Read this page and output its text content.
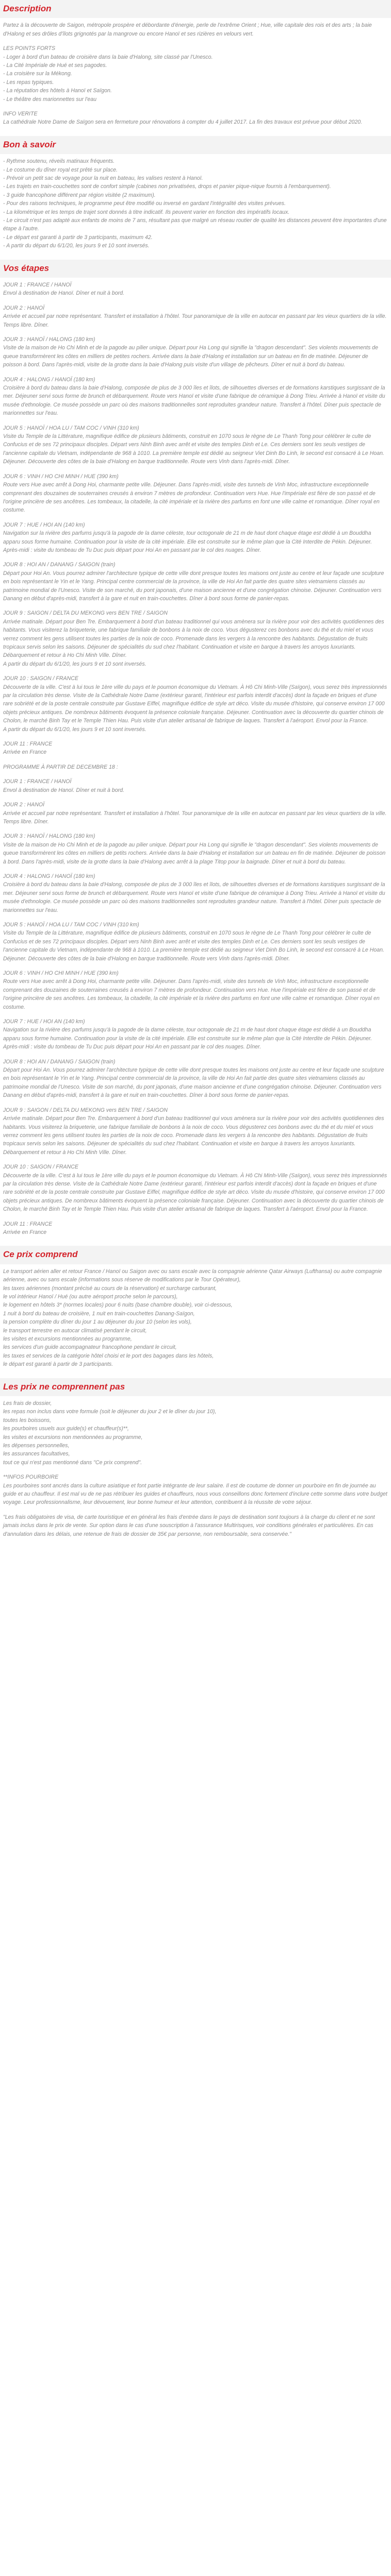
Description

Partez à la découverte de Saigon, métropole prospère et débordante d'énergie, perle de l'extrême Orient ; Hue, ville capitale des rois et des arts ; la baie d'Halong et ses drôles d'îlots grignotés par la mangrove ou encore Hanoï et ses rizières en velours vert.

LES POINTS FORTS
- Loger à bord d'un bateau de croisière dans la baie d'Halong, site classé par l'Unesco.
- La Cité Impériale de Hué et ses pagodes.
- La croisière sur la Mékong.
- Les repas typiques.
- La réputation des hôtels à Hanoï et Saïgon.
- Le théâtre des marionnettes sur l'eau
INFO VERITE
La cathédrale Notre Dame de Saïgon sera en fermeture pour rénovations à compter du 4 juillet 2017. La fin des travaux est prévue pour début 2020.
Bon à savoir
- Rythme soutenu, réveils matinaux fréquents.
- Le costume du dîner royal est prêté sur place.
- Prévoir un petit sac de voyage pour la nuit en bateau, les valises restent à Hanoï.
- Les trajets en train-couchettes sont de confort simple (cabines non privatisées, drops et panier pique-nique fournis à l'embarquement).
- 3 guide francophone différent par région visitée (2 maximum).
- Pour des raisons techniques, le programme peut être modifié ou inversé en gardant l'intégralité des visites prévues.
- La kilométrique et les temps de trajet sont donnés à titre indicatif. Ils peuvent varier en fonction des impératifs locaux.
- Le circuit n'est pas adapté aux enfants de moins de 7 ans, résultant pas que malgré un réseau routier de qualité les distances peuvent être importantes d'une étape à l'autre.
- Le départ est garanti à partir de 3 participants, maximum 42.
- A partir du départ du 6/1/20, les jours 9 et 10 sont inversés.
Vos étapes
JOUR 1 : FRANCE / HANOÏ
Envol à destination de Hanoï. Dîner et nuit à bord.
JOUR 2 : HANOÏ
Arrivée et accueil par notre représentant. Transfert et installation à l'hôtel. Tour panoramique de la ville en autocar en passant par les vieux quartiers de la ville. Temps libre. Dîner.
JOUR 3 : HANOÏ / HALONG (180 km)
Visite de la maison de Ho Chi Minh et de la pagode au pilier unique. Départ pour Ha Long qui signifie la "dragon descendant". Ses violents mouvements de queue transformèrent les côtes en milliers de petites rochers. Arrivée dans la baie d'Halong et installation sur un bateau en fin de matinée. Déjeuner de poisson à bord. Dans l'après-midi, visite de la grotte dans la baie d'Halong puis visite d'un village de pêcheurs. Dîner et nuit à bord du bateau.
JOUR 4 : HALONG / HANOÏ (180 km)
Croisière à bord du bateau dans la baie d'Halong, composée de plus de 3 000 îles et îlots, de silhouettes diverses et de formations karstiques surgissant de la mer. Déjeuner servi sous forme de brunch et débarquement. Route vers Hanoï et visite d'une fabrique de céramique à Dong Trieu. Arrivée à Hanoï et visite du musée d'ethnologie. Ce musée possède un parc où des maisons traditionnelles sont reproduites grandeur nature. Transfert à l'hôtel. Dîner puis spectacle de marionnettes sur l'eau.
JOUR 5 : HANOÏ / HOA LU / TAM COC / VINH (310 km)
Visite du Temple de la Littérature, magnifique édifice de plusieurs bâtiments, construit en 1070 sous le règne de Le Thanh Tong pour célébrer le culte de Confucius et de ses 72 principaux disciples. Départ vers Ninh Binh avec arrêt et visite des temples Dinh et Le. Ces derniers sont les seuls vestiges de l'ancienne capitale du Vietnam, indépendante de 968 à 1010. La première temple est dédié au seigneur Viet Dinh Bo Linh, le second est consacré à Le Hoan. Déjeuner. Découverte des côtes de la baie d'Halong en barque traditionnelle. Route vers Vinh dans l'après-midi. Dîner.
JOUR 6 : VINH / HO CHI MINH / HUE (390 km)
Route vers Hue avec arrêt à Dong Hoi, charmante petite ville. Déjeuner. Dans l'après-midi, visite des tunnels de Vinh Moc, infrastructure exceptionnelle comprenant des douzaines de souterraines creusés à environ 7 mètres de profondeur. Continuation vers Hue. Hue l'impériale est fière de son passé et de l'origine princière de ses ancêtres. Les tombeaux, la citadelle, la cité impériale et la rivière des parfums en font une ville calme et romantique. Dîner royal en costume.
JOUR 7 : HUE / HOI AN (140 km)
Navigation sur la rivière des parfums jusqu'à la pagode de la dame céleste, tour octogonale de 21 m de haut dont chaque étage est dédié à un Bouddha apparu sous forme humaine. Continuation pour la visite de la cité impériale. Elle est construite sur le même plan que la Cité Interdite de Pékin. Déjeuner. Après-midi : visite du tombeau de Tu Duc puis départ pour Hoi An en passant par le col des nuages. Dîner.
JOUR 8 : HOI AN / DANANG / SAIGON (train)
Départ pour Hoi An. Vous pourrez admirer l'architecture typique de cette ville dont presque toutes les maisons ont juste au centre et leur façade une sculpture en bois représentant le Yin et le Yang. Principal centre commercial de la province, la ville de Hoi An fait partie des quatre sites vietnamiens classés au patrimoine mondial de l'Unesco. Visite de son marché, du pont japonais, d'une maison ancienne et d'une congrégation chinoise. Déjeuner. Continuation vers Danang en début d'après-midi, transfert à la gare et nuit en train-couchettes. Dîner à bord sous forme de panier-repas.
JOUR 9 : SAIGON / DELTA DU MEKONG vers BEN TRE / SAIGON
Arrivée matinale. Départ pour Ben Tre. Embarquement à bord d'un bateau traditionnel qui vous amènera sur la rivière pour voir des activités quotidiennes des habitants. Vous visiterez la briqueterie, une fabrique familiale de bonbons à la noix de coco. Vous dégusterez ces bonbons avec du thé et du miel et vous verrez comment les gens utilisent toutes les parties de la noix de coco. Promenade dans les vergers à la rencontre des habitants. Dégustation de fruits tropicaux servis selon les saisons. Déjeuner de spécialités du sud chez l'habitant. Continuation et visite en barque à travers les arroyos luxuriants. Débarquement et retour à Ho Chi Minh Ville. Dîner.
A partir du départ du 6/1/20, les jours 9 et 10 sont inversés.
JOUR 10 : SAIGON / FRANCE
Découverte de la ville. C'est à lui tous le 1ère ville du pays et le poumon économique du Vietnam. À Hô Chi Minh-Ville (Saïgon), vous serez très impressionnés par la circulation très dense. Visite de la Cathédrale Notre Dame (extérieur garanti, l'intérieur est parfois interdit d'accès) dont la façade en briques et d'une rare sobriété et de la poste centrale construite par Gustave Eiffel, magnifique édifice de style art déco. Visite du musée d'histoire, qui conserve environ 17 000 objets précieux antiques. De nombreux bâtiments évoquent la présence coloniale française. Déjeuner. Continuation avec la découverte du quartier chinois de Cholon, le marché Binh Tay et le Temple Thien Hau. Puis visite d'un atelier artisanal de fabrique de laques. Transfert à l'aéroport. Envol pour la France.
A partir du départ du 6/1/20, les jours 9 et 10 sont inversés.
JOUR 11 : FRANCE
Arrivée en France
PROGRAMME À PARTIR DE DECEMBRE 18 :
JOUR 1 : FRANCE / HANOÏ
Envol à destination de Hanoï. Dîner et nuit à bord.
JOUR 2 : HANOÏ
Arrivée et accueil par notre représentant. Transfert et installation à l'hôtel. Tour panoramique de la ville en autocar en passant par les vieux quartiers de la ville. Temps libre. Dîner.
JOUR 3 : HANOÏ / HALONG (180 km)
Visite de la maison de Ho Chi Minh et de la pagode au pilier unique. Départ pour Ha Long qui signifie le "dragon descendant". Ses violents mouvements de queue transformèrent les côtes en milliers de petits rochers. Arrivée dans la baie d'Halong et installation sur un bateau en fin de matinée. Déjeuner de poisson à bord. Dans l'après-midi, visite de la grotte dans la baie d'Halong avec arrêt à la plage Titop pour la baignade. Dîner et nuit à bord du bateau.
JOUR 4 : HALONG / HANOÏ (180 km)
Croisière à bord du bateau dans la baie d'Halong, composée de plus de 3 000 îles et îlots, de silhouettes diverses et de formations karstiques surgissant de la mer. Déjeuner servi sous forme de brunch et débarquement. Route vers Hanoï et visite d'une fabrique de céramique à Dong Trieu. Arrivée à Hanoï et visite du musée d'ethnologie. Ce musée possède un parc où des maisons traditionnelles sont reproduites grandeur nature. Transfert à l'hôtel. Dîner puis spectacle de marionnettes sur l'eau.
JOUR 5 : HANOÏ / HOA LU / TAM COC / VINH (310 km)
Visite du Temple de la Littérature, magnifique édifice de plusieurs bâtiments, construit en 1070 sous le règne de Le Thanh Tong pour célébrer le culte de Confucius et de ses 72 principaux disciples. Départ vers Ninh Binh avec arrêt et visite des temples Dinh et Le. Ces derniers sont les seuls vestiges de l'ancienne capitale du Vietnam, indépendante de 968 à 1010. La première temple est dédié au seigneur Viet Dinh Bo Linh, le second est consacré à Le Hoan. Déjeuner. Découverte des côtes de la baie d'Halong en barque traditionnelle. Route vers Vinh dans l'après-midi. Dîner.
JOUR 6 : VINH / HO CHI MINH / HUE (390 km)
Route vers Hue avec arrêt à Dong Hoi, charmante petite ville. Déjeuner. Dans l'après-midi, visite des tunnels de Vinh Moc, infrastructure exceptionnelle comprenant des douzaines de souterraines creusés à environ 7 mètres de profondeur. Continuation vers Hue. Hue l'impériale est fière de son passé et de l'origine princière de ses ancêtres. Les tombeaux, la citadelle, la cité impériale et la rivière des parfums en font une ville calme et romantique. Dîner royal en costume.
JOUR 7 : HUE / HOI AN (140 km)
Navigation sur la rivière des parfums jusqu'à la pagode de la dame céleste, tour octogonale de 21 m de haut dont chaque étage est dédié à un Bouddha apparu sous forme humaine. Continuation pour la visite de la cité impériale. Elle est construite sur le même plan que la Cité Interdite de Pékin. Déjeuner. Après-midi : visite du tombeau de Tu Duc puis départ pour Hoi An en passant par le col des nuages. Dîner.
JOUR 8 : HOI AN / DANANG / SAIGON (train)
Départ pour Hoi An. Vous pourrez admirer l'architecture typique de cette ville dont presque toutes les maisons ont juste au centre et leur façade une sculpture en bois représentant le Yin et le Yang. Principal centre commercial de la province, la ville de Hoi An fait partie des quatre sites vietnamiens classés au patrimoine mondial de l'Unesco. Visite de son marché, du pont japonais, d'une maison ancienne et d'une congrégation chinoise. Déjeuner. Continuation vers Danang en début d'après-midi, transfert à la gare et nuit en train-couchettes. Dîner à bord sous forme de panier-repas.
JOUR 9 : SAIGON / DELTA DU MEKONG vers BEN TRE / SAIGON
Arrivée matinale. Départ pour Ben Tre. Embarquement à bord d'un bateau traditionnel qui vous amènera sur la rivière pour voir des activités quotidiennes des habitants. Vous visiterez la briqueterie, une fabrique familiale de bonbons à la noix de coco. Vous dégusterez ces bonbons avec du thé et du miel et vous verrez comment les gens utilisent toutes les parties de la noix de coco. Promenade dans les vergers à la rencontre des habitants. Dégustation de fruits tropicaux servis selon les saisons. Déjeuner de spécialités du sud chez l'habitant. Continuation et visite en barque à travers les arroyos luxuriants. Débarquement et retour à Ho Chi Minh Ville. Dîner.
JOUR 10 : SAIGON / FRANCE
Découverte de la ville. C'est à lui tous le 1ère ville du pays et le poumon économique du Vietnam. À Hô Chi Minh-Ville (Saïgon), vous serez très impressionnés par la circulation très dense. Visite de la Cathédrale Notre Dame (extérieur garanti, l'intérieur est parfois interdit d'accès) dont la façade en briques et d'une rare sobriété et de la poste centrale construite par Gustave Eiffel, magnifique édifice de style art déco. Visite du musée d'histoire, qui conserve environ 17 000 objets précieux antiques. De nombreux bâtiments évoquent la présence coloniale française. Déjeuner. Continuation avec la découverte du quartier chinois de Cholon, le marché Binh Tay et le Temple Thien Hau. Puis visite d'un atelier artisanal de fabrique de laques. Transfert à l'aéroport. Envol pour la France.
JOUR 11 : FRANCE
Arrivée en France
Ce prix comprend
Le transport aérien aller et retour France / Hanoï ou Saigon avec ou sans escale avec la compagnie aérienne Qatar Airways (Lufthansa) ou autre compagnie aérienne, avec ou sans escale (informations sous réserve de modifications par le Tour Opérateur),
les taxes aériennes (montant précisé au cours de la réservation) et surcharge carburant,
le vol intérieur Hanoï / Hué (ou autre aéroport proche selon le parcours),
le logement en hôtels 3* (normes locales) pour 6 nuits (base chambre double), voir ci-dessous,
1 nuit à bord du bateau de croisière, 1 nuit en train-couchettes Danang-Saïgon,
la pension complète du dîner du jour 1 au déjeuner du jour 10 (selon les vols),
le transport terrestre en autocar climatisé pendant le circuit,
les visites et excursions mentionnées au programme,
les services d'un guide accompagnateur francophone pendant le circuit,
les taxes et services de la catégorie hôtel choisi et le port des bagages dans les hôtels,
le départ est garanti à partir de 3 participants.
Les prix ne comprennent pas
Les frais de dossier,
les repas non inclus dans votre formule (soit le déjeuner du jour 2 et le dîner du jour 10),
toutes les boissons,
les pourboires usuels aux guide(s) et chauffeur(s)**,
les visites et excursions non mentionnées au programme,
les dépenses personnelles,
les assurances facultatives,
tout ce qui n'est pas mentionné dans "Ce prix comprend".
**INFOS POURBOIRE
Les pourboires sont ancrés dans la culture asiatique et font partie intégrante de leur salaire. Il est de coutume de donner un pourboire en fin de journée au guide et au chauffeur. Il est mal vu de ne pas rétribuer les guides et chauffeurs, nous vous conseillons donc fortement d'inclure cette somme dans votre budget voyage. Leur professionnalisme, leur dévouement, leur bonne humeur et leur attention, contribuent à la réussite de votre séjour.

"Les frais obligatoires de visa, de carte touristique et en général les frais d'entrée dans le pays de destination sont toujours à la charge du client et ne sont jamais inclus dans le prix de vente. Sur option dans le cas d'une souscription à l'assurance Multirisques, voir conditions générales et particulières. En cas d'annulation dans les délais, une retenue de frais de dossier de 35€ par personne, non remboursable, sera conservée."
